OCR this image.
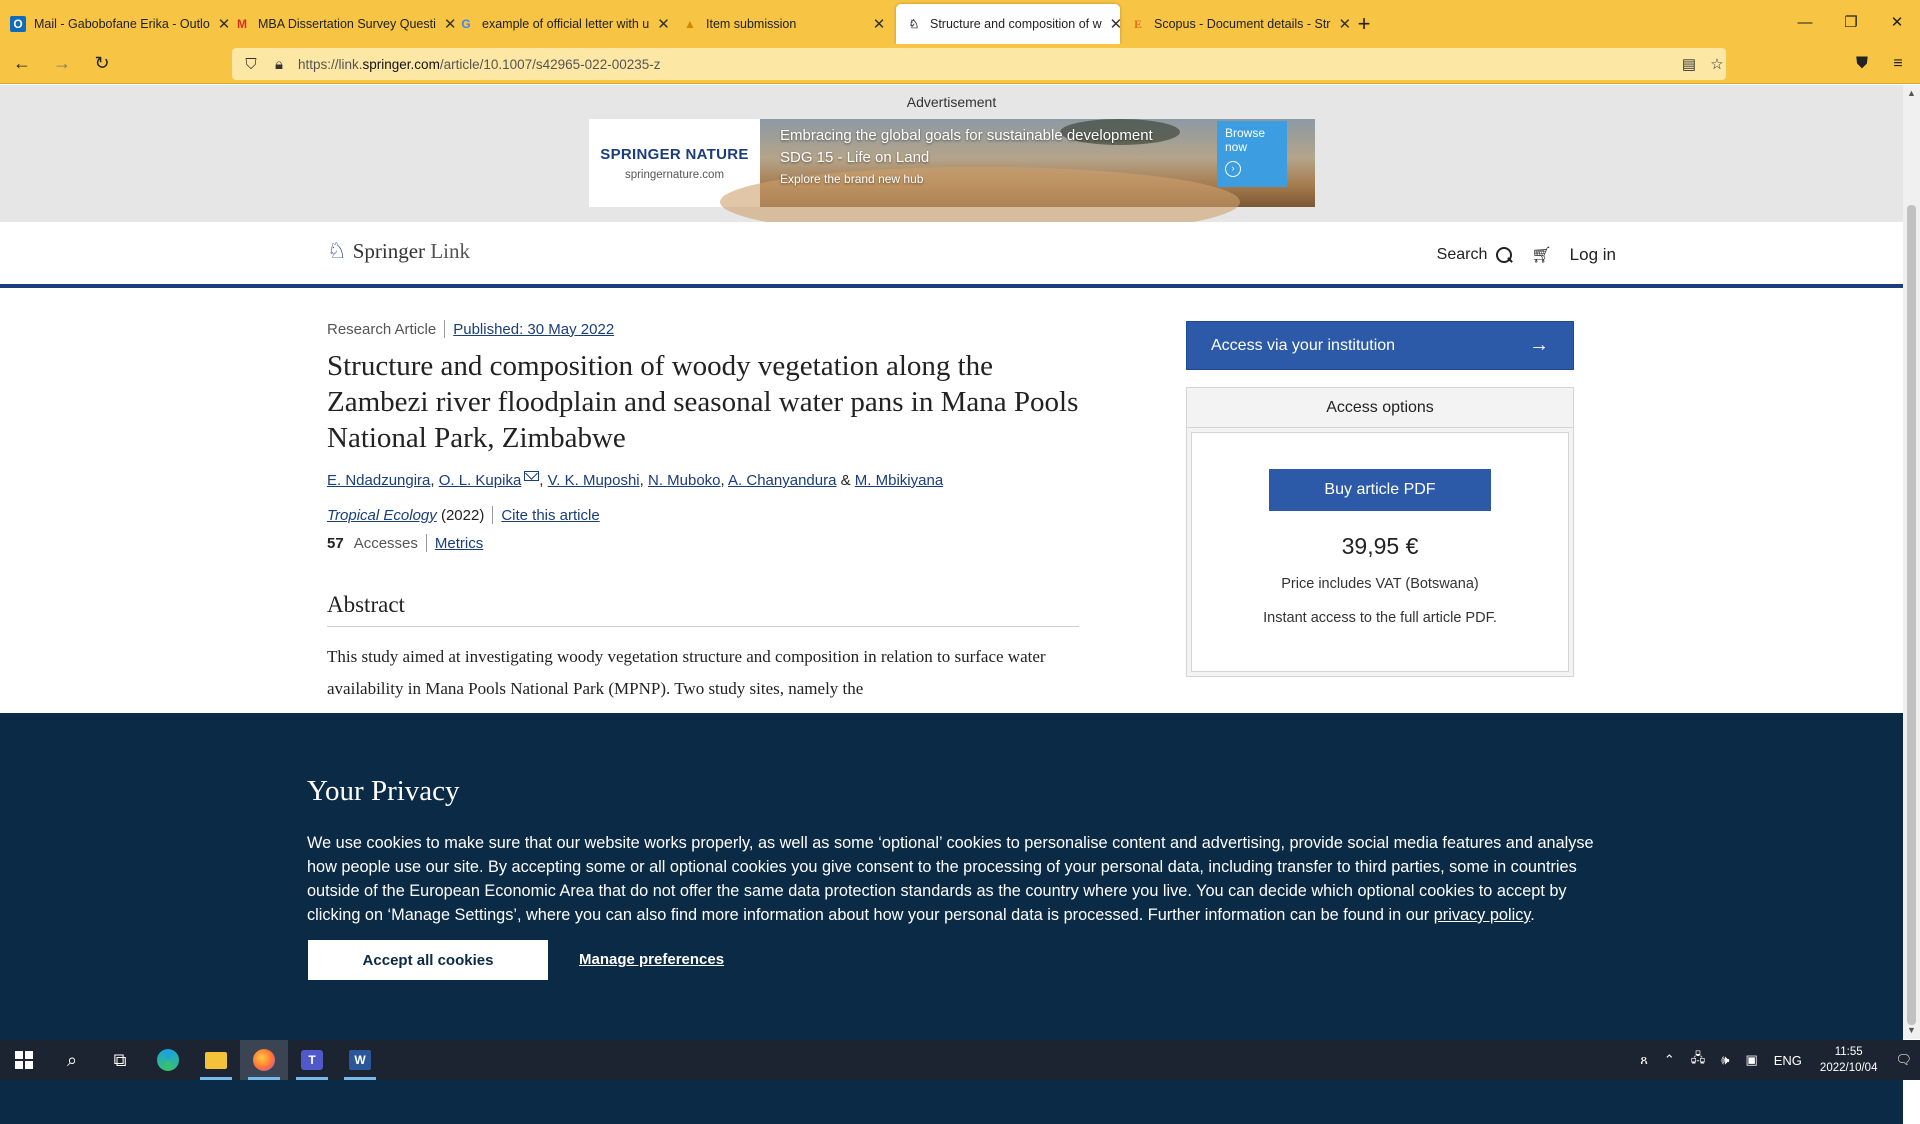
O Mail - Gabobofane Erika - Outlo ✕ M MBA Dissertation Survey Questi ✕ G example of official letter with u ✕ ▲ Item submission	✕ ♘ Structure and composition of w ✕ E Scopus - Document details - Str ✕ +	—	❐	✕
←	→	↻	⛉	🔒︎	https://link.springer.com/article/10.1007/s42965-022-00235-z	▤ ☆	⛊	≡
Advertisement
SPRINGER NATURE
springernature.com
Embracing the global goals for sustainable development
SDG 15 - Life on Land
Explore the brand new hub
Browse now
›
♘ Springer Link	Search	🛒︎ Log in
Research Article Published: 30 May 2022
Structure and composition of woody vegetation along the Zambezi river floodplain and seasonal water pans in Mana Pools National Park, Zimbabwe
E. Ndadzungira, O. L. Kupika , V. K. Muposhi, N. Muboko, A. Chanyandura & M. Mbikiyana
Tropical Ecology
(2022) Cite this article
57 Accesses Metrics
Abstract

This study aimed at investigating woody vegetation structure and composition in relation to surface water availability in Mana Pools National Park (MPNP). Two study sites, namely the

Access via your institution	→
Access options
Buy article PDF
39,95 €
Price includes VAT (Botswana)
Instant access to the full article PDF.
Your Privacy

We use cookies to make sure that our website works properly, as well as some ‘optional’ cookies to personalise content and advertising, provide social media features and analyse how people use our site. By accepting some or all optional cookies you give consent to the processing of your personal data, including transfer to third parties, some in countries outside of the European Economic Area that do not offer the same data protection standards as the country where you live. You can decide which optional cookies to accept by clicking on ‘Manage Settings’, where you can also find more information about how your personal data is processed. Further information can be found in our privacy policy.

Accept all cookies	Manage preferences
▲
▼
⌕	⧉	T	W	ጸ	⌃	🖧︎	🕪︎	▣	ENG
11:55
2022/10/04
🗨︎
